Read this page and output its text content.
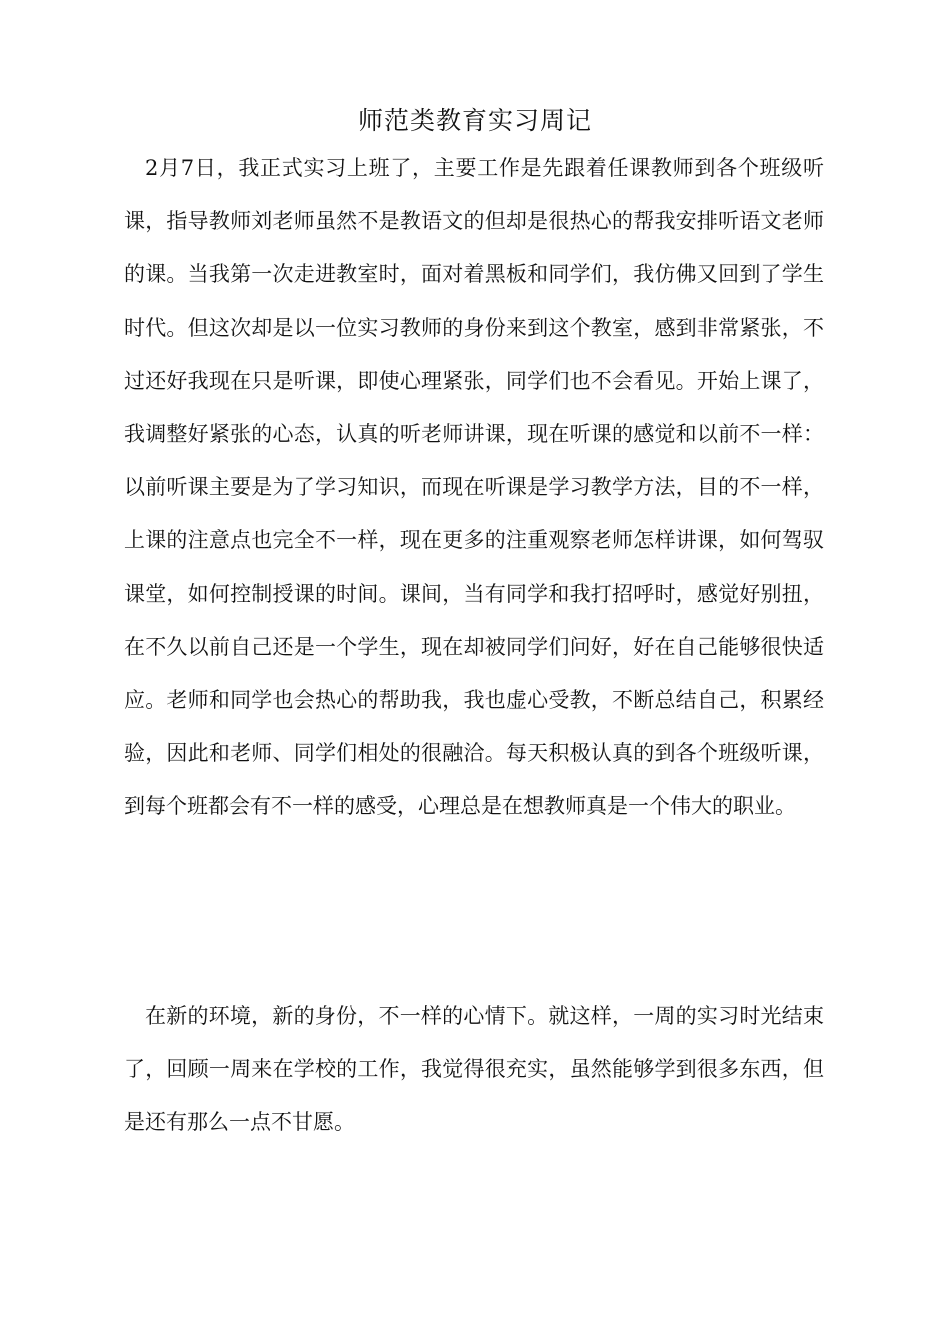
师范类教育实习周记

2月7日，我正式实习上班了，主要工作是先跟着任课教师到各个班级听课，指导教师刘老师虽然不是教语文的但却是很热心的帮我安排听语文老师的课。当我第一次走进教室时，面对着黑板和同学们，我仿佛又回到了学生时代。但这次却是以一位实习教师的身份来到这个教室，感到非常紧张，不过还好我现在只是听课，即使心理紧张，同学们也不会看见。开始上课了，我调整好紧张的心态，认真的听老师讲课，现在听课的感觉和以前不一样：以前听课主要是为了学习知识，而现在听课是学习教学方法，目的不一样，上课的注意点也完全不一样，现在更多的注重观察老师怎样讲课，如何驾驭课堂，如何控制授课的时间。课间，当有同学和我打招呼时，感觉好别扭，在不久以前自己还是一个学生，现在却被同学们问好，好在自己能够很快适应。老师和同学也会热心的帮助我，我也虚心受教，不断总结自己，积累经验，因此和老师、同学们相处的很融洽。每天积极认真的到各个班级听课，到每个班都会有不一样的感受，心理总是在想教师真是一个伟大的职业。

在新的环境，新的身份，不一样的心情下。就这样，一周的实习时光结束了，回顾一周来在学校的工作，我觉得很充实，虽然能够学到很多东西，但是还有那么一点不甘愿。
